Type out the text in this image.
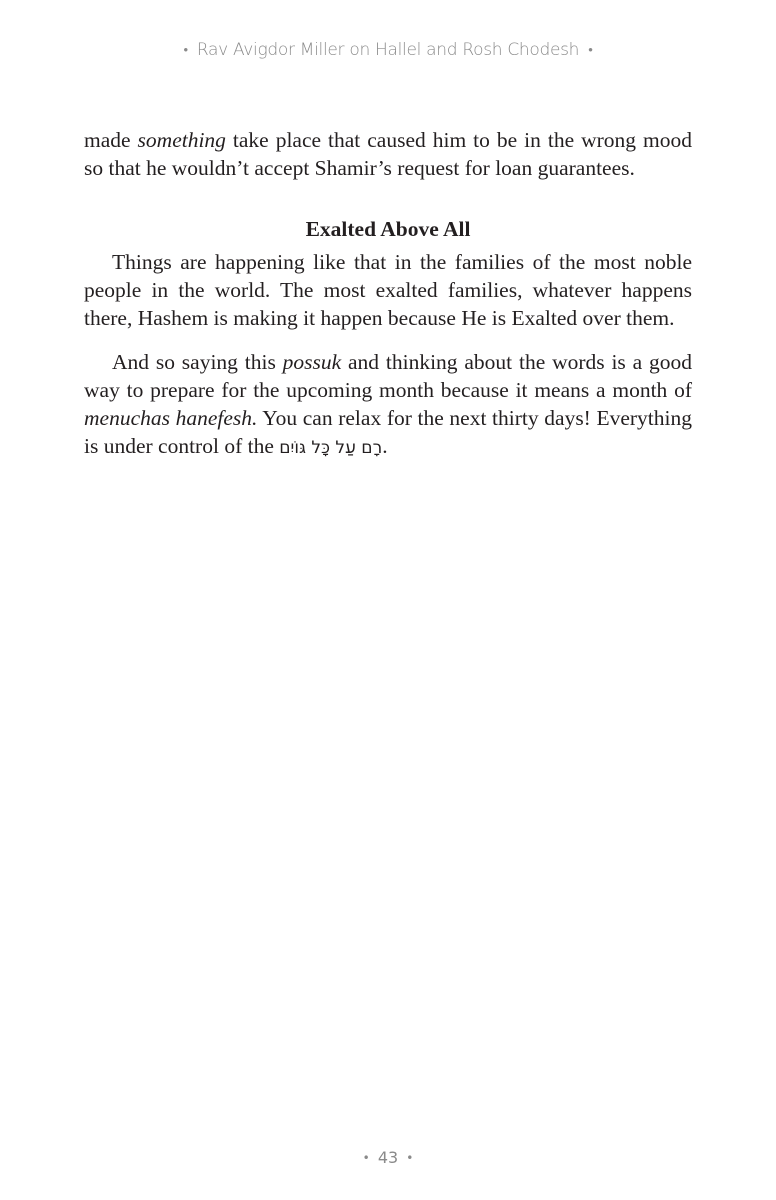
• Rav Avigdor Miller on Hallel and Rosh Chodesh •
made something take place that caused him to be in the wrong mood so that he wouldn’t accept Shamir’s request for loan guarantees.
Exalted Above All
Things are happening like that in the families of the most noble people in the world. The most exalted families, whatever happens there, Hashem is making it happen because He is Exalted over them.
And so saying this possuk and thinking about the words is a good way to prepare for the upcoming month because it means a month of menuchas hanefesh. You can relax for the next thirty days! Everything is under control of the רָם עַל כָּל גּוֹיִם.
• 43 •
